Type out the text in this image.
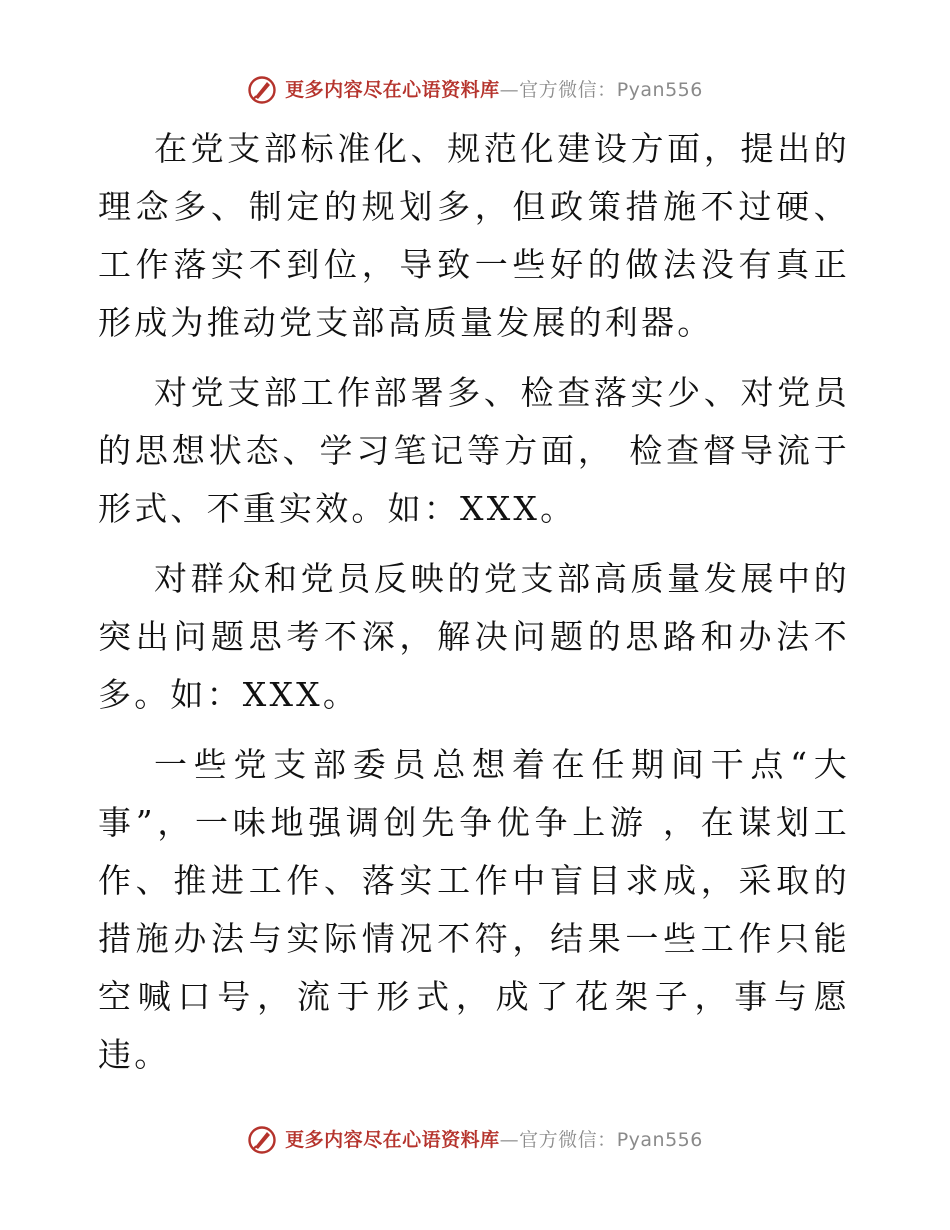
更多内容尽在心语资料库—官方微信：Pyan556

在党支部标准化、规范化建设方面，提出的理念多、制定的规划多，但政策措施不过硬、工作落实不到位，导致一些好的做法没有真正形成为推动党支部高质量发展的利器。

对党支部工作部署多、检查落实少、对党员的思想状态、学习笔记等方面， 检查督导流于形式、不重实效。如：XXX。

对群众和党员反映的党支部高质量发展中的突出问题思考不深，解决问题的思路和办法不多。如：XXX。

一些党支部委员总想着在任期间干点“大事”，一味地强调创先争优争上游 ，在谋划工作、推进工作、落实工作中盲目求成，采取的措施办法与实际情况不符，结果一些工作只能空喊口号，流于形式，成了花架子，事与愿违。

更多内容尽在心语资料库—官方微信：Pyan556
